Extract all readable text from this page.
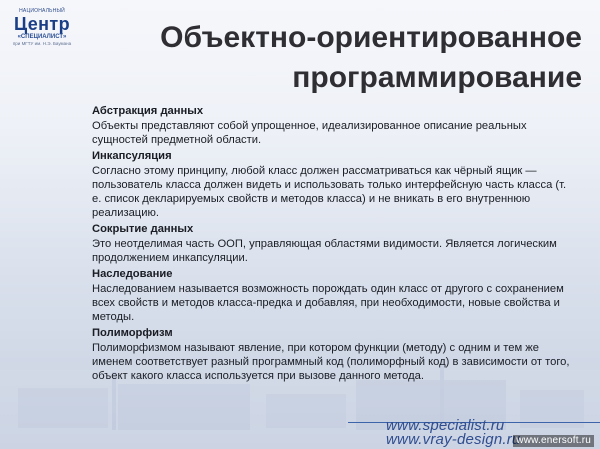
НАЦИОНАЛЬНЫЙ
Центр
«СПЕЦИАЛИСТ»
при МГТУ им. Н.Э. Баумана	Объектно-ориентированное
программирование
Абстракция данных
Объекты представляют собой упрощенное, идеализированное описание реальных сущностей предметной области.
Инкапсуляция
Согласно этому принципу, любой класс должен рассматриваться как чёрный ящик — пользователь класса должен видеть и использовать только интерфейсную часть класса (т. е. список декларируемых свойств и методов класса) и не вникать в его внутреннюю реализацию.
Сокрытие данных
Это неотделимая часть ООП, управляющая областями видимости. Является логическим продолжением инкапсуляции.
Наследование
Наследованием называется возможность порождать один класс от другого с сохранением всех свойств и методов класса-предка и добавляя, при необходимости, новые свойства и методы.
Полиморфизм
Полиморфизмом называют явление, при котором функции (методу) с одним и тем же именем соответствует разный программный код (полиморфный код) в зависимости от того, объект какого класса используется при вызове данного метода.
www.specialist.ru
www.vray-design.ru
www.enersoft.ru
